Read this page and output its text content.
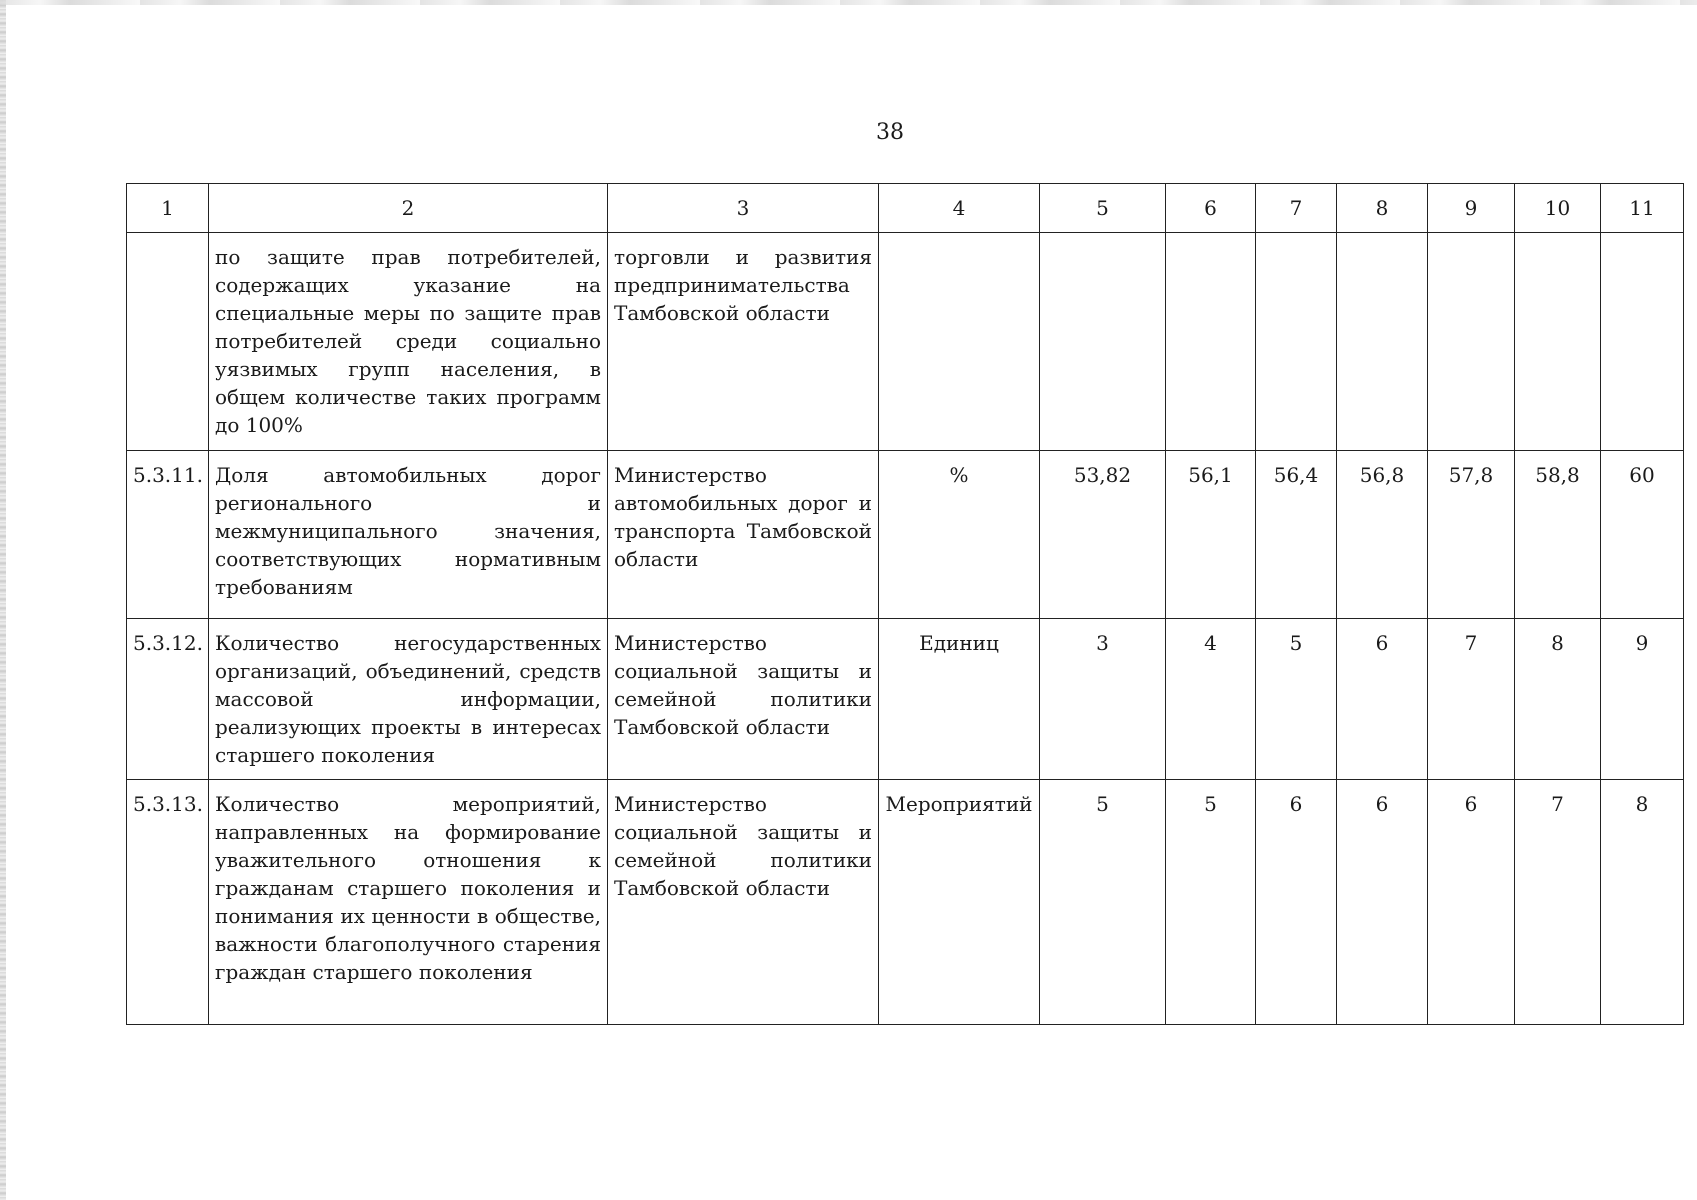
38
1	2	3	4	5	6	7	8	9	10	11
	по защите прав потребителей, содержащих указание на специальные меры по защите прав потребителей среди социально уязвимых групп населения, в общем количестве таких программ до 100%	торговли и развития предпринимательства Тамбовской области								
5.3.11.	Доля автомобильных дорог регионального и межмуниципального значения, соответствующих нормативным требованиям	Министерство автомобильных дорог и транспорта Тамбовской области	%	53,82	56,1	56,4	56,8	57,8	58,8	60
5.3.12.	Количество негосударственных организаций, объединений, средств массовой информации, реализующих проекты в интересах старшего поколения	Министерство социальной защиты и семейной политики Тамбовской области	Единиц	3	4	5	6	7	8	9
5.3.13.	Количество мероприятий, направленных на формирование уважительного отношения к гражданам старшего поколения и понимания их ценности в обществе, важности благополучного старения граждан старшего поколения	Министерство социальной защиты и семейной политики Тамбовской области	Мероприятий	5	5	6	6	6	7	8
